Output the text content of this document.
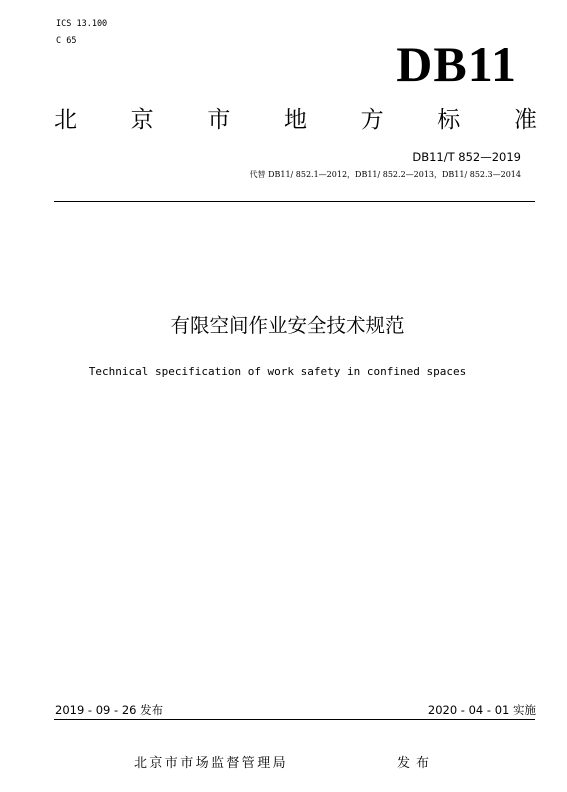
ICS 13.100
C 65	DB11
北 京 市 地 方 标 准
DB11/T 852—2019
代替 DB11/ 852.1—2012，DB11/ 852.2—2013，DB11/ 852.3—2014
有限空间作业安全技术规范
Technical specification of work safety in confined spaces
2019 - 09 - 26 发布	2020 - 04 - 01 实施
北京市市场监督管理局	发布
